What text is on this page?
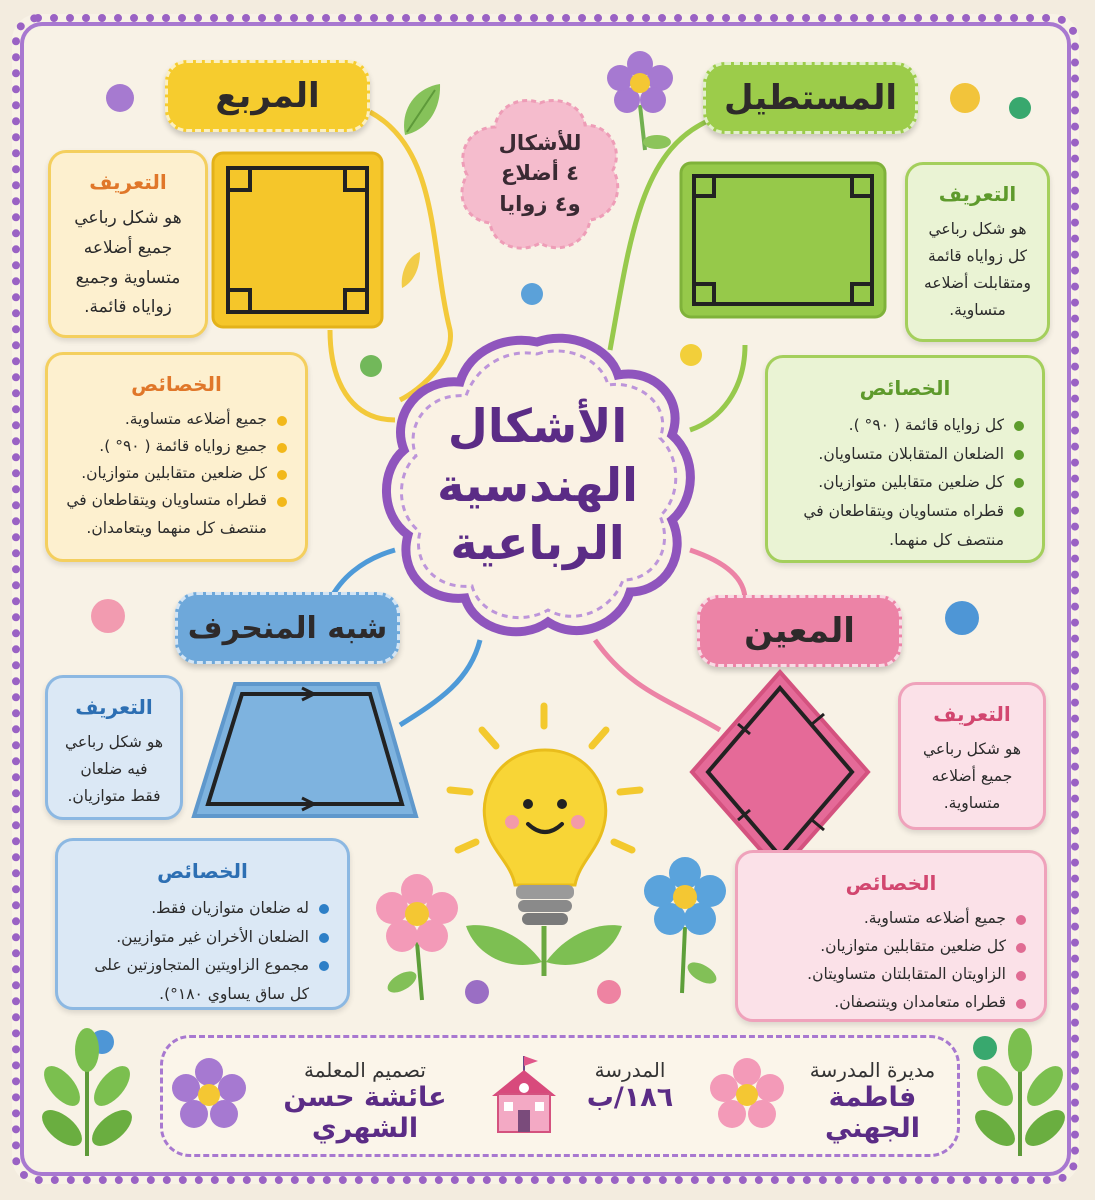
الأشكال
الهندسية
الرباعية
للأشكال
٤ أضلاع
و٤ زوايا
المربع
التعريف
هو شكل رباعي جميع أضلاعه متساوية وجميع زواياه قائمة.
الخصائص
جميع أضلاعه متساوية.
جميع زواياه قائمة ( ٩٠° ).
كل ضلعين متقابلين متوازيان.
قطراه متساويان ويتقاطعان في منتصف كل منهما ويتعامدان.
المستطيل
التعريف
هو شكل رباعي كل زواياه قائمة ومتقابلت أضلاعه متساوية.
الخصائص
كل زواياه قائمة ( ٩٠° ).
الضلعان المتقابلان متساويان.
كل ضلعين متقابلين متوازيان.
قطراه متساويان ويتقاطعان في منتصف كل منهما.
شبه المنحرف
التعريف
هو شكل رباعي فيه ضلعان فقط متوازيان.
الخصائص
له ضلعان متوازيان فقط.
الضلعان الأخران غير متوازيين.
مجموع الزاويتين المتجاوزتين على كل ساق يساوي ١٨٠°).
المعين
التعريف
هو شكل رباعي جميع أضلاعه متساوية.
الخصائص
جميع أضلاعه متساوية.
كل ضلعين متقابلين متوازيان.
الزاويتان المتقابلتان متساويتان.
قطراه متعامدان ويتنصفان.
مديرة المدرسة
فاطمة الجهني
المدرسة
١٨٦/ب
تصميم المعلمة
عائشة حسن الشهري
